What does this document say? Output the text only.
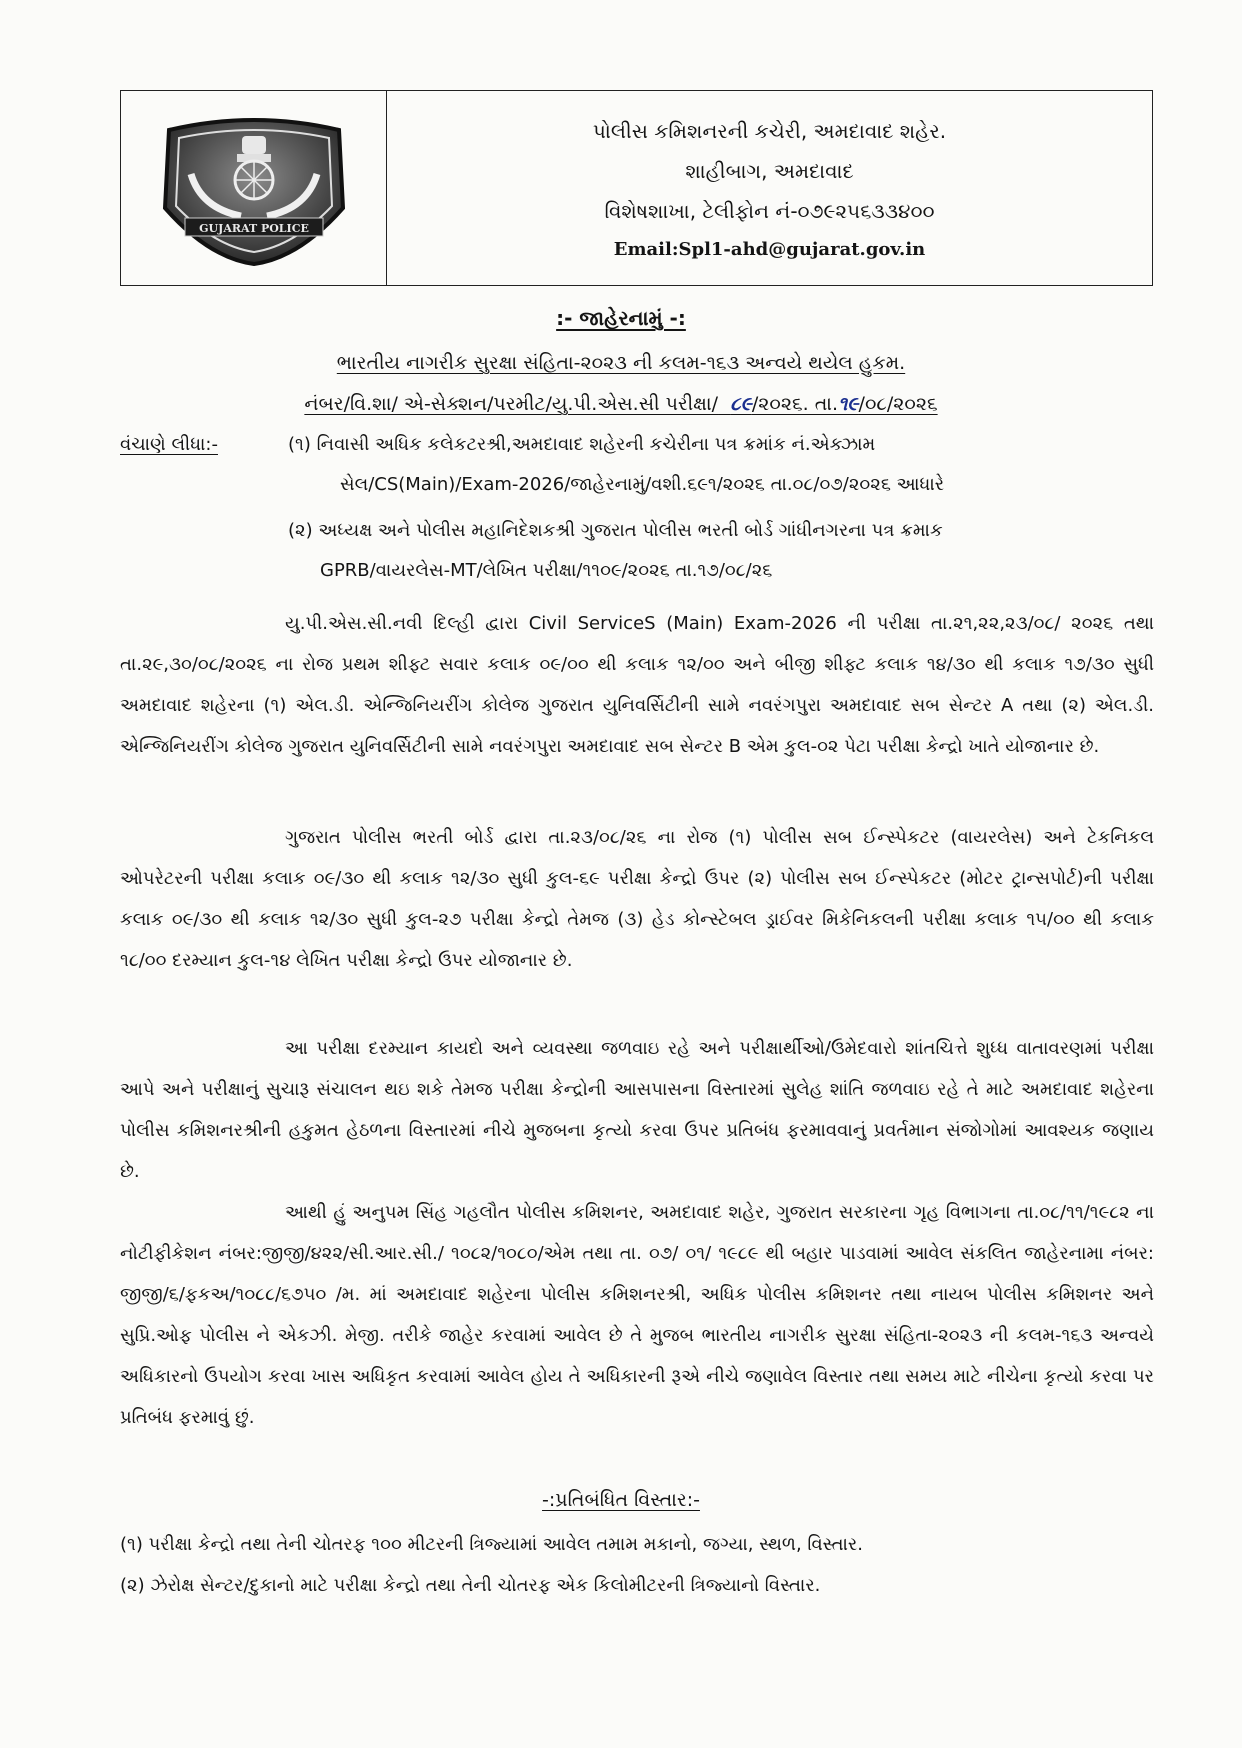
GUJARAT POLICE
પોલીસ કમિશનરની કચેરી, અમદાવાદ શહેર.
શાહીબાગ, અમદાવાદ
વિશેષશાખા, ટેલીફોન નં-૦૭૯૨૫૬૩૩૪૦૦
Email:Spl1-ahd@gujarat.gov.in
:- જાહેરનામું -:
ભારતીય નાગરીક સુરક્ષા સંહિતા-૨૦૨૩ ની કલમ-૧૬૩ અન્વયે થયેલ હુકમ.
નંબર/વિ.શા/ એ-સેક્શન/પરમીટ/યુ.પી.એસ.સી પરીક્ષા/ ૮૯/૨૦૨૬. તા.૧૯/૦૮/૨૦૨૬
વંચાણે લીધા:-	(૧) નિવાસી અધિક કલેકટરશ્રી,અમદાવાદ શહેરની કચેરીના પત્ર ક્રમાંક નં.એક્ઝામ
સેલ/CS(Main)/Exam-2026/જાહેરનામું/વશી.૬૯૧/૨૦૨૬ તા.૦૮/૦૭/૨૦૨૬ આધારે
(૨) અધ્યક્ષ અને પોલીસ મહાનિદેશકશ્રી ગુજરાત પોલીસ ભરતી બોર્ડ ગાંધીનગરના પત્ર ક્રમાક
GPRB/વાયરલેસ-MT/લેખિત પરીક્ષા/૧૧૦૯/૨૦૨૬ તા.૧૭/૦૮/૨૬

યુ.પી.એસ.સી.નવી દિલ્હી દ્વારા Civil ServiceS (Main) Exam-2026 ની પરીક્ષા તા.૨૧,૨૨,૨૩/૦૮/ ૨૦૨૬ તથા તા.૨૯,૩૦/૦૮/૨૦૨૬ ના રોજ પ્રથમ શીફ્ટ સવાર કલાક ૦૯/૦૦ થી કલાક ૧૨/૦૦ અને બીજી શીફ્ટ કલાક ૧૪/૩૦ થી કલાક ૧૭/૩૦ સુધી અમદાવાદ શહેરના (૧) એલ.ડી. એન્જિનિયરીંગ કોલેજ ગુજરાત યુનિવર્સિટીની સામે નવરંગપુરા અમદાવાદ સબ સેન્ટર A તથા (૨) એલ.ડી. એન્જિનિયરીંગ કોલેજ ગુજરાત યુનિવર્સિટીની સામે નવરંગપુરા અમદાવાદ સબ સેન્ટર B એમ કુલ-૦૨ પેટા પરીક્ષા કેન્દ્રો ખાતે યોજાનાર છે.

ગુજરાત પોલીસ ભરતી બોર્ડ દ્વારા તા.૨૩/૦૮/૨૬ ના રોજ (૧) પોલીસ સબ ઈન્સ્પેકટર (વાયરલેસ) અને ટેકનિકલ ઓપરેટરની પરીક્ષા કલાક ૦૯/૩૦ થી કલાક ૧૨/૩૦ સુધી કુલ-૬૯ પરીક્ષા કેન્દ્રો ઉપર (૨) પોલીસ સબ ઈન્સ્પેકટર (મોટર ટ્રાન્સપોર્ટ)ની પરીક્ષા કલાક ૦૯/૩૦ થી કલાક ૧૨/૩૦ સુધી કુલ-૨૭ પરીક્ષા કેન્દ્રો તેમજ (૩) હેડ કોન્સ્ટેબલ ડ્રાઈવર મિકેનિકલની પરીક્ષા કલાક ૧૫/૦૦ થી કલાક ૧૮/૦૦ દરમ્યાન કુલ-૧૪ લેખિત પરીક્ષા કેન્દ્રો ઉપર યોજાનાર છે.

આ પરીક્ષા દરમ્યાન કાયદો અને વ્યવસ્થા જળવાઇ રહે અને પરીક્ષાર્થીઓ/ઉમેદવારો શાંતચિત્તે શુધ્ધ વાતાવરણમાં પરીક્ષા આપે અને પરીક્ષાનું સુચારૂ સંચાલન થઇ શકે તેમજ પરીક્ષા કેન્દ્રોની આસપાસના વિસ્તારમાં સુલેહ શાંતિ જળવાઇ રહે તે માટે અમદાવાદ શહેરના પોલીસ કમિશનરશ્રીની હકુમત હેઠળના વિસ્તારમાં નીચે મુજબના કૃત્યો કરવા ઉપર પ્રતિબંધ ફરમાવવાનું પ્રવર્તમાન સંજોગોમાં આવશ્યક જણાય છે.

આથી હું અનુપમ સિંહ ગહલૌત પોલીસ કમિશનર, અમદાવાદ શહેર, ગુજરાત સરકારના ગૃહ વિભાગના તા.૦૮/૧૧/૧૯૮૨ ના નોટીફીકેશન નંબર:જીજી/૪૨૨/સી.આર.સી./ ૧૦૮૨/૧૦૮૦/એમ તથા તા. ૦૭/ ૦૧/ ૧૯૮૯ થી બહાર પાડવામાં આવેલ સંકલિત જાહેરનામા નંબર: જીજી/૬/ફકઅ/૧૦૮૮/૬૭૫૦ /મ. માં અમદાવાદ શહેરના પોલીસ કમિશનરશ્રી, અધિક પોલીસ કમિશનર તથા નાયબ પોલીસ કમિશનર અને સુપ્રિ.ઓફ પોલીસ ને એકઝી. મેજી. તરીકે જાહેર કરવામાં આવેલ છે તે મુજબ ભારતીય નાગરીક સુરક્ષા સંહિતા-૨૦૨૩ ની કલમ-૧૬૩ અન્વયે અધિકારનો ઉપયોગ કરવા ખાસ અધિકૃત કરવામાં આવેલ હોય તે અધિકારની રૂએ નીચે જણાવેલ વિસ્તાર તથા સમય માટે નીચેના કૃત્યો કરવા પર પ્રતિબંધ ફરમાવું છું.

-:પ્રતિબંધિત વિસ્તાર:-
(૧) પરીક્ષા કેન્દ્રો તથા તેની ચોતરફ ૧૦૦ મીટરની ત્રિજ્યામાં આવેલ તમામ મકાનો, જગ્યા, સ્થળ, વિસ્તાર.
(૨) ઝેરોક્ષ સેન્ટર/દુકાનો માટે પરીક્ષા કેન્દ્રો તથા તેની ચોતરફ એક કિલોમીટરની ત્રિજ્યાનો વિસ્તાર.
